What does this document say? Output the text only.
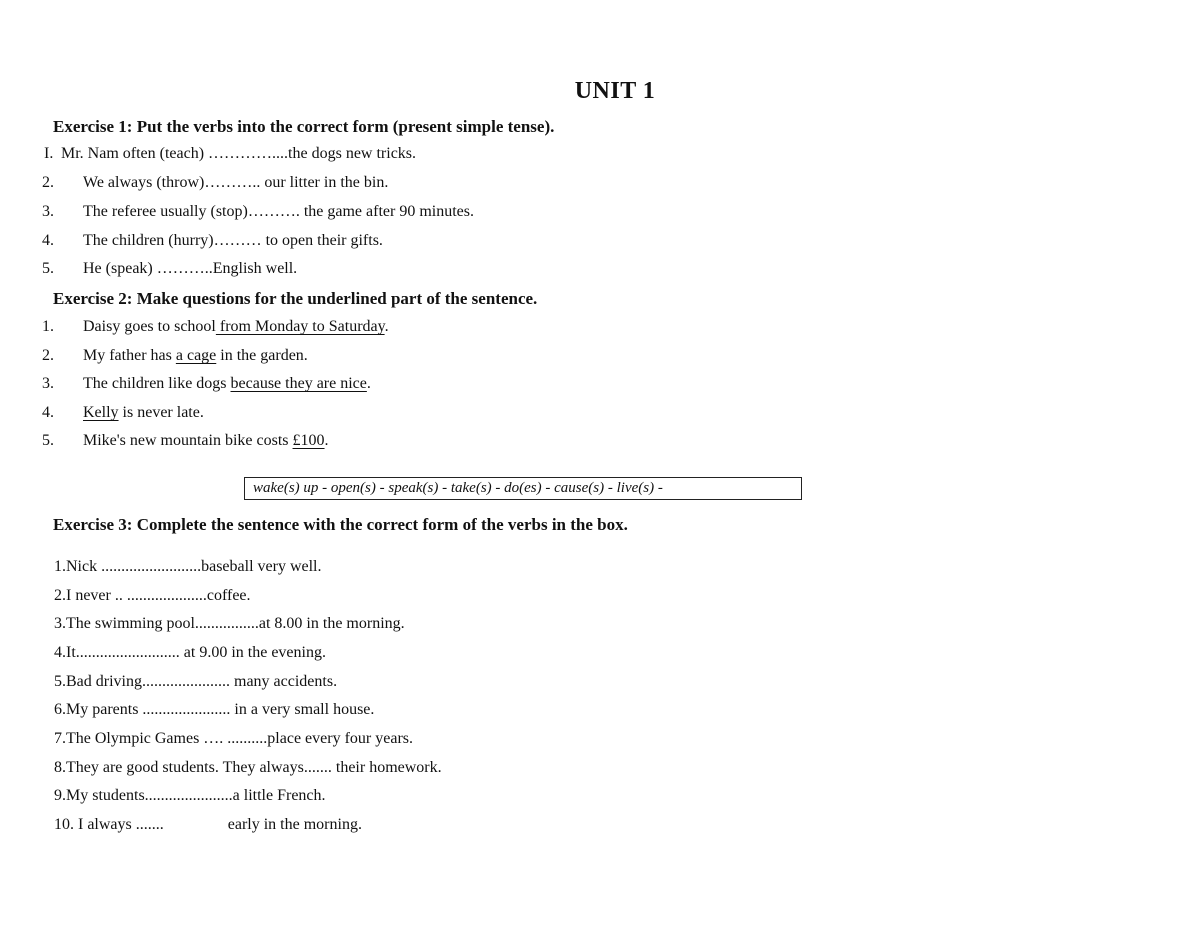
UNIT 1
Exercise 1: Put the verbs into the correct form (present simple tense).
I. Mr. Nam often (teach) …………....the dogs new tricks.
2.	We always (throw)……….. our litter in the bin.
3.	The referee usually (stop)………. the game after 90 minutes.
4.	The children (hurry)……… to open their gifts.
5.	He (speak) ………..English well.
Exercise 2: Make questions for the underlined part of the sentence.
1.	Daisy goes to school from Monday to Saturday.
2.	My father has a cage in the garden.
3.	The children like dogs because they are nice.
4.	Kelly is never late.
5.	Mike's new mountain bike costs £100.
wake(s) up - open(s) - speak(s) - take(s) - do(es) - cause(s) - live(s) -
Exercise 3: Complete the sentence with the correct form of the verbs in the box.
1.Nick .........................baseball very well.
2.I never .. ....................coffee.
3.The swimming pool................at 8.00 in the morning.
4.It.......................... at 9.00 in the evening.
5.Bad driving...................... many accidents.
6.My parents ...................... in a very small house.
7.The Olympic Games …. ..........place every four years.
8.They are good students. They always....... their homework.
9.My students......................a little French.
10. I always .......                early in the morning.
